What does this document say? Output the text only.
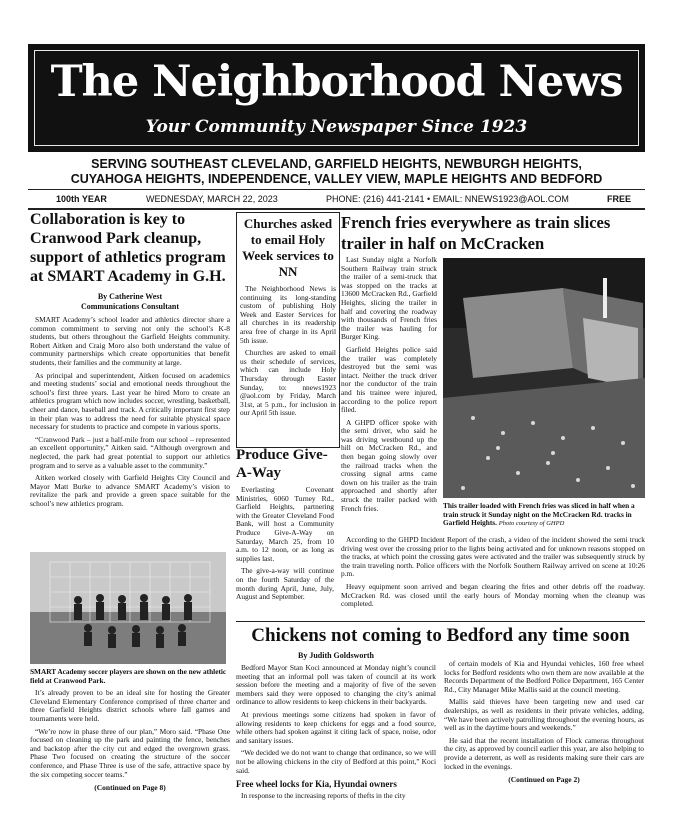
The Neighborhood News
Your Community Newspaper Since 1923
SERVING SOUTHEAST CLEVELAND, GARFIELD HEIGHTS, NEWBURGH HEIGHTS,
CUYAHOGA HEIGHTS, INDEPENDENCE, VALLEY VIEW, MAPLE HEIGHTS AND BEDFORD
100th YEAR	WEDNESDAY, MARCH 22, 2023	PHONE: (216) 441-2141 • EMAIL: NNEWS1923@AOL.COM	FREE
Collaboration is key to Cranwood Park cleanup, support of athletics program at SMART Academy in G.H.
By Catherine West
Communications Consultant

SMART Academy’s school leader and athletics director share a common commitment to serving not only the school’s K-8 students, but others throughout the Garfield Heights community. Robert Aitken and Craig Moro also both understand the value of community partnerships which create opportunities that benefit students, their families and the community at large.

As principal and superintendent, Aitken focused on academics and meeting students’ social and emotional needs throughout the school’s first three years. Last year he hired Moro to create an athletics program which now includes soccer, wrestling, basketball, cheer and dance, baseball and track. A critically important first step in their plan was to address the need for suitable physical space necessary for students to practice and compete in various sports.

“Cranwood Park – just a half-mile from our school – represented an excellent opportunity,” Aitken said. “Although overgrown and neglected, the park had great potential to support our athletics program and to serve as a valuable asset to the community.”

Aitken worked closely with Garfield Heights City Council and Mayor Matt Burke to advance SMART Academy’s vision to revitalize the park and provide a green space suitable for the school’s new athletics program.

SMART Academy soccer players are shown on the new athletic field at Cranwood Park.

It’s already proven to be an ideal site for hosting the Greater Cleveland Elementary Conference comprised of three charter and three Garfield Heights district schools where fall games and tournaments were held.

“We’re now in phase three of our plan,” Moro said. “Phase One focused on cleaning up the park and painting the fence, benches and backstop after the city cut and edged the overgrown grass. Phase Two focused on creating the structure of the soccer conference, and Phase Three is use of the safe, attractive space by the six competing soccer teams.”

(Continued on Page 8)
Churches asked to email Holy Week services to NN

The Neighborhood News is continuing its long-standing custom of publishing Holy Week and Easter Services for all churches in its readership area free of charge in its April 5th issue.

Churches are asked to email us their schedule of services, which can include Holy Thursday through Easter Sunday, to: nnews1923 @aol.com by Friday, March 31st, at 5 p.m., for inclusion in our April 5th issue.

Produce Give-A-Way

Everlasting Covenant Ministries, 6060 Turney Rd., Garfield Heights, partnering with the Greater Cleveland Food Bank, will host a Community Produce Give-A-Way on Saturday, March 25, from 10 a.m. to 12 noon, or as long as supplies last.

The give-a-way will continue on the fourth Saturday of the month during April, June, July, August and September.

French fries everywhere as train slices trailer in half on McCracken

Last Sunday night a Norfolk Southern Railway train struck the trailer of a semi-truck that was stopped on the tracks at 13600 McCracken Rd., Garfield Heights, slicing the trailer in half and covering the roadway with thousands of French fries the trailer was hauling for Burger King.

Garfield Heights police said the trailer was completely destroyed but the semi was intact. Neither the truck driver nor the conductor of the train and his trainee were injured, according to the police report filed.

A GHPD officer spoke with the semi driver, who said he was driving westbound up the hill on McCracken Rd., and then began going slowly over the railroad tracks when the crossing signal arms came down on his trailer as the train approached and shortly after struck the trailer packed with French fries.	This trailer loaded with French fries was sliced in half when a train struck it Sunday night on the McCracken Rd. tracks in Garfield Heights. Photo courtesy of GHPD

According to the GHPD Incident Report of the crash, a video of the incident showed the semi truck driving west over the crossing prior to the lights being activated and for unknown reasons stopped on the tracks, at which point the crossing gates were activated and the trailer was subsequently struck by the train traveling north. Police officers with the Norfolk Southern Railway arrived on scene at 10:26 p.m.

Heavy equipment soon arrived and began clearing the fries and other debris off the roadway. McCracken Rd. was closed until the early hours of Monday morning when the cleanup was completed.

Chickens not coming to Bedford any time soon
By Judith Goldsworth

Bedford Mayor Stan Koci announced at Monday night’s council meeting that an informal poll was taken of council at its work session before the meeting and a majority of five of the seven members said they were opposed to changing the city’s animal ordinance to allow residents to keep chickens in their backyards.

At previous meetings some citizens had spoken in favor of allowing residents to keep chickens for eggs and a food source, while others had spoken against it citing lack of space, noise, odor and sanitary issues.

“We decided we do not want to change that ordinance, so we will not be allowing chickens in the city of Bedford at this point,” Koci said.

Free wheel locks for Kia, Hyundai owners

In response to the increasing reports of thefts in the city

of certain models of Kia and Hyundai vehicles, 160 free wheel locks for Bedford residents who own them are now available at the Records Department of the Bedford Police Department, 165 Center Rd., City Manager Mike Mallis said at the council meeting.

Mallis said thieves have been targeting new and used car dealerships, as well as residents in their private vehicles, adding, “We have been actively patrolling throughout the evening hours, as well as in the daytime hours and weekends.”

He said that the recent installation of Flock cameras throughout the city, as approved by council earlier this year, are also helping to provide a deterrent, as well as residents making sure their cars are locked in the evenings.

(Continued on Page 2)
